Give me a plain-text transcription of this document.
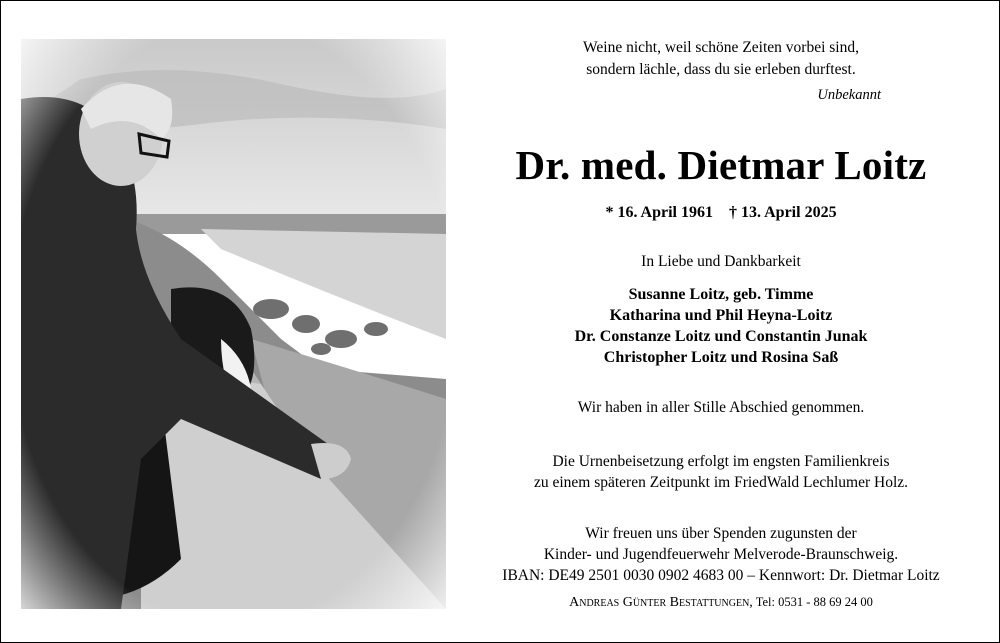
Weine nicht, weil schöne Zeiten vorbei sind,
sondern lächle, dass du sie erleben durftest.
Unbekannt
Dr. med. Dietmar Loitz
* 16. April 1961 † 13. April 2025
In Liebe und Dankbarkeit
Susanne Loitz, geb. Timme
Katharina und Phil Heyna-Loitz
Dr. Constanze Loitz und Constantin Junak
Christopher Loitz und Rosina Saß
Wir haben in aller Stille Abschied genommen.
Die Urnenbeisetzung erfolgt im engsten Familienkreis
zu einem späteren Zeitpunkt im FriedWald Lechlumer Holz.
Wir freuen uns über Spenden zugunsten der
Kinder- und Jugendfeuerwehr Melverode-Braunschweig.
IBAN: DE49 2501 0030 0902 4683 00 – Kennwort: Dr. Dietmar Loitz
Andreas Günter Bestattungen, Tel: 0531 - 88 69 24 00
